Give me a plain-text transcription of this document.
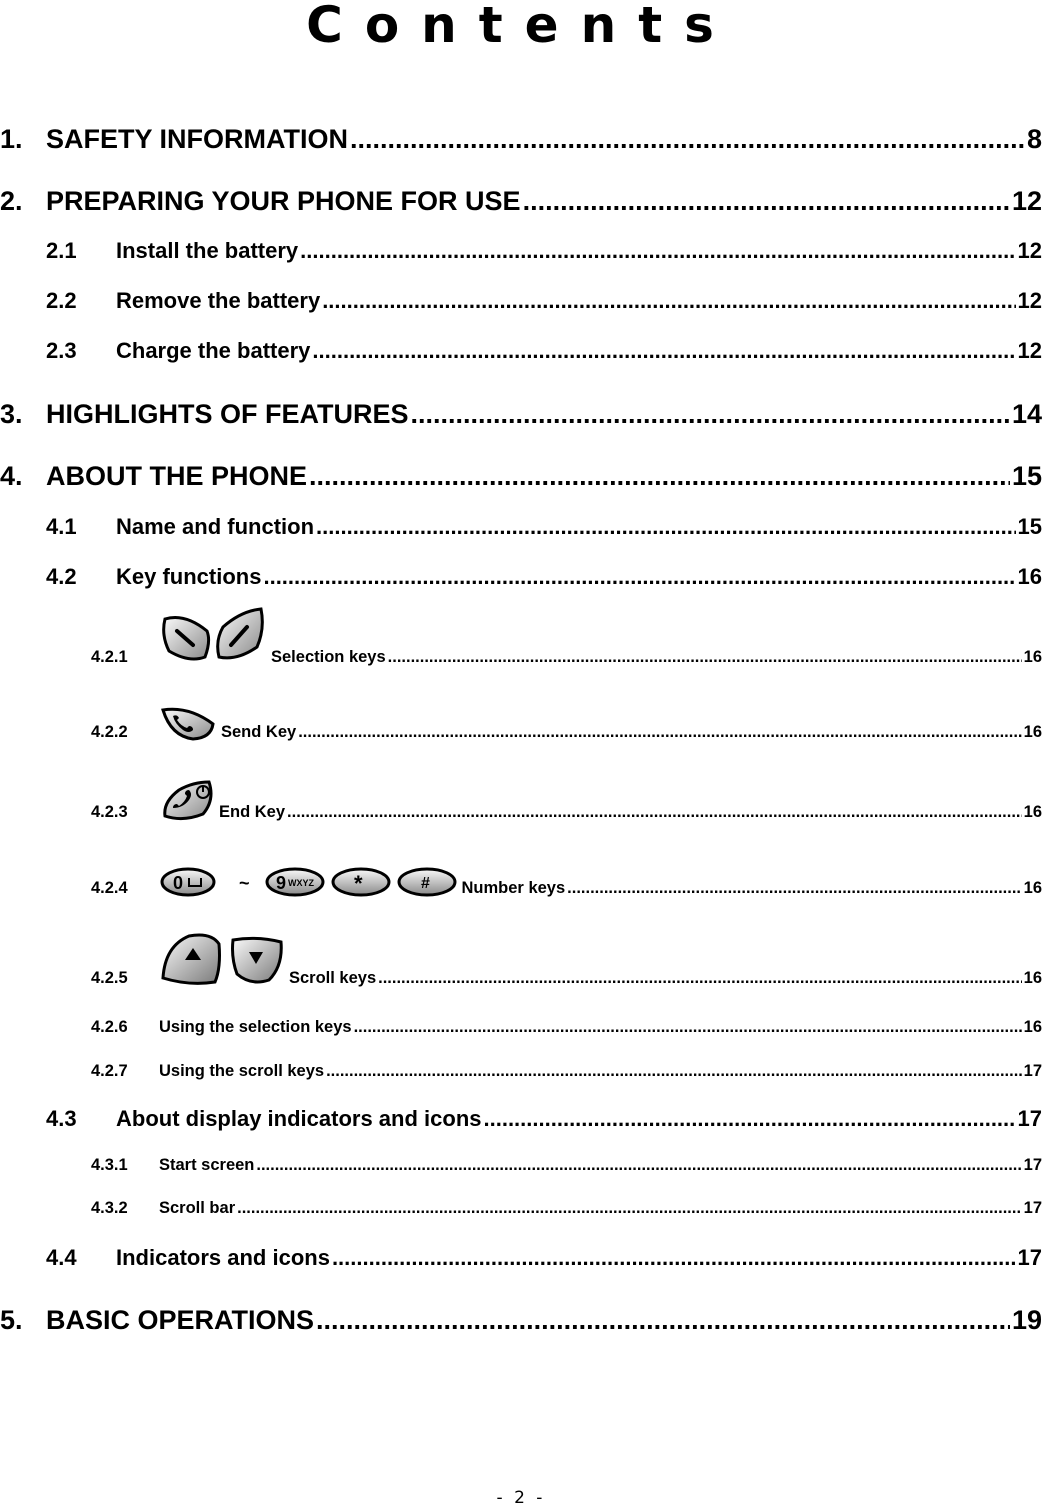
Contents
1. SAFETY INFORMATION .....	8
2. PREPARING YOUR PHONE FOR USE .....	12
2.1	Install the battery .....	12
2.2	Remove the battery .....	12
2.3	Charge the battery .....	12
3. HIGHLIGHTS OF FEATURES .....	14
4. ABOUT THE PHONE .....	15
4.1	Name and function .....	15
4.2	Key functions .....	16
4.2.1	Selection keys .....	16
4.2.2	Send Key .....	16
4.2.3	End Key .....	16
4.2.4	0	~ 9 WXYZ *	# Number keys .....	16
4.2.5	Scroll keys .....	16
4.2.6	Using the selection keys .....	16
4.2.7	Using the scroll keys .....	17
4.3	About display indicators and icons .....	17
4.3.1	Start screen .....	17
4.3.2	Scroll bar .....	17
4.4	Indicators and icons .....	17
5. BASIC OPERATIONS .....	19
- 2 -
